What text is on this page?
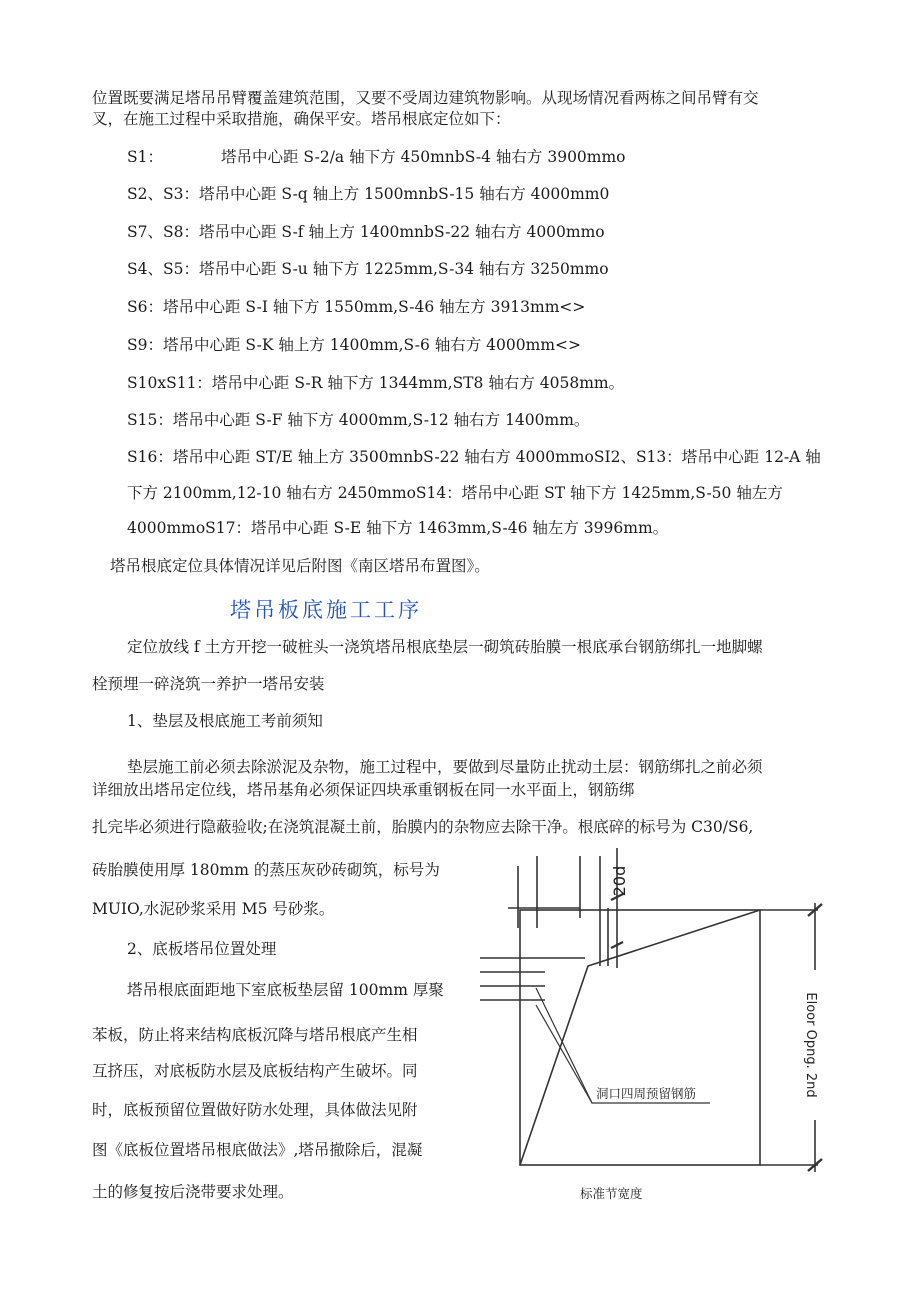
位置既要满足塔吊吊臂覆盖建筑范围，又要不受周边建筑物影响。从现场情况看两栋之间吊臂有交
叉，在施工过程中采取措施，确保平安。塔吊根底定位如下：
S1：	塔吊中心距 S-2/a 轴下方 450mnbS-4 轴右方 3900mmo
S2、S3：塔吊中心距 S-q 轴上方 1500mnbS-15 轴右方 4000mm0
S7、S8：塔吊中心距 S-f 轴上方 1400mnbS-22 轴右方 4000mmo
S4、S5：塔吊中心距 S-u 轴下方 1225mm,S-34 轴右方 3250mmo
S6：塔吊中心距 S-I 轴下方 1550mm,S-46 轴左方 3913mm<>
S9：塔吊中心距 S-K 轴上方 1400mm,S-6 轴右方 4000mm<>
S10xS11：塔吊中心距 S-R 轴下方 1344mm,ST8 轴右方 4058mm。
S15：塔吊中心距 S-F 轴下方 4000mm,S-12 轴右方 1400mm。
S16：塔吊中心距 ST/E 轴上方 3500mnbS-22 轴右方 4000mmoSI2、S13：塔吊中心距 12-A 轴
下方 2100mm,12-10 轴右方 2450mmoS14：塔吊中心距 ST 轴下方 1425mm,S-50 轴左方
4000mmoS17：塔吊中心距 S-E 轴下方 1463mm,S-46 轴左方 3996mm。
塔吊根底定位具体情况详见后附图《南区塔吊布置图》。
塔吊板底施工工序
定位放线 f 土方开挖一破桩头一浇筑塔吊根底垫层一砌筑砖胎膜一根底承台钢筋绑扎一地脚螺
栓预埋一碎浇筑一养护一塔吊安装
1、垫层及根底施工考前须知
垫层施工前必须去除淤泥及杂物，施工过程中，要做到尽量防止扰动土层：钢筋绑扎之前必须
详细放出塔吊定位线，塔吊基角必须保证四块承重钢板在同一水平面上，钢筋绑
扎完毕必须进行隐蔽验收;在浇筑混凝土前，胎膜内的杂物应去除干净。根底碎的标号为 C30/S6,
砖胎膜使用厚 180mm 的蒸压灰砂砖砌筑，标号为
MUIO,水泥砂浆采用 M5 号砂浆。
2、底板塔吊位置处理
塔吊根底面距地下室底板垫层留 100mm 厚聚
苯板，防止将来结构底板沉降与塔吊根底产生相
互挤压，对底板防水层及底板结构产生破坏。同
时，底板预留位置做好防水处理，具体做法见附
图《底板位置塔吊根底做法》,塔吊撤除后，混凝
土的修复按后浇带要求处理。
20d
洞口四周预留钢筋	Eloor Opng. 2nd
标准节宽度
